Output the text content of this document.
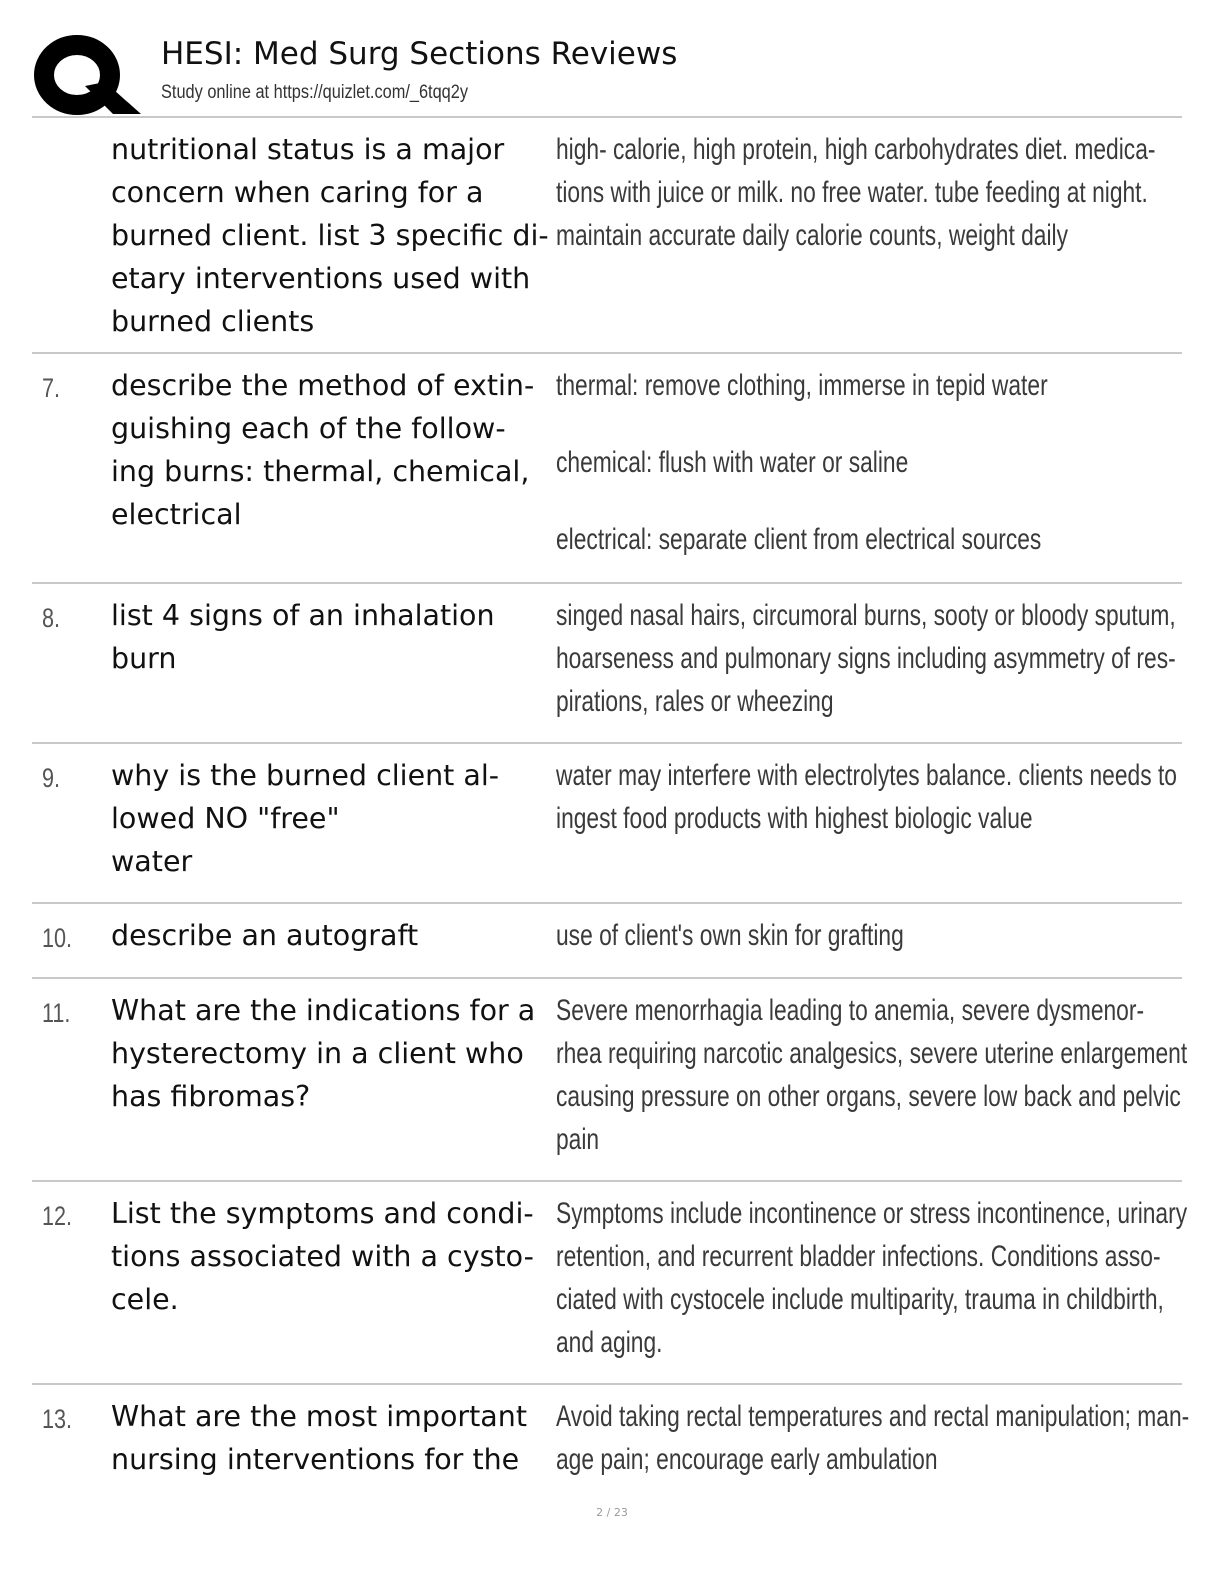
HESI: Med Surg Sections Reviews
Study online at https://quizlet.com/_6tqq2y
nutritional status is a major
concern when caring for a
burned client. list 3 specific di-
etary interventions used with
burned clients
high- calorie, high protein, high carbohydrates diet. medica-
tions with juice or milk. no free water. tube feeding at night.
maintain accurate daily calorie counts, weight daily
7. describe the method of extin-
guishing each of the follow-
ing burns: thermal, chemical,
electrical
thermal: remove clothing, immerse in tepid water
chemical: flush with water or saline
electrical: separate client from electrical sources
8. list 4 signs of an inhalation
burn
singed nasal hairs, circumoral burns, sooty or bloody sputum,
hoarseness and pulmonary signs including asymmetry of res-
pirations, rales or wheezing
9. why is the burned client al-
lowed NO "free"
water
water may interfere with electrolytes balance. clients needs to
ingest food products with highest biologic value
10. describe an autograft	use of client's own skin for grafting
11. What are the indications for a
hysterectomy in a client who
has fibromas?
Severe menorrhagia leading to anemia, severe dysmenor-
rhea requiring narcotic analgesics, severe uterine enlargement
causing pressure on other organs, severe low back and pelvic
pain
12. List the symptoms and condi-
tions associated with a cysto-
cele.
Symptoms include incontinence or stress incontinence, urinary
retention, and recurrent bladder infections. Conditions asso-
ciated with cystocele include multiparity, trauma in childbirth,
and aging.
13. What are the most important
nursing interventions for the
Avoid taking rectal temperatures and rectal manipulation; man-
age pain; encourage early ambulation
2 / 23
